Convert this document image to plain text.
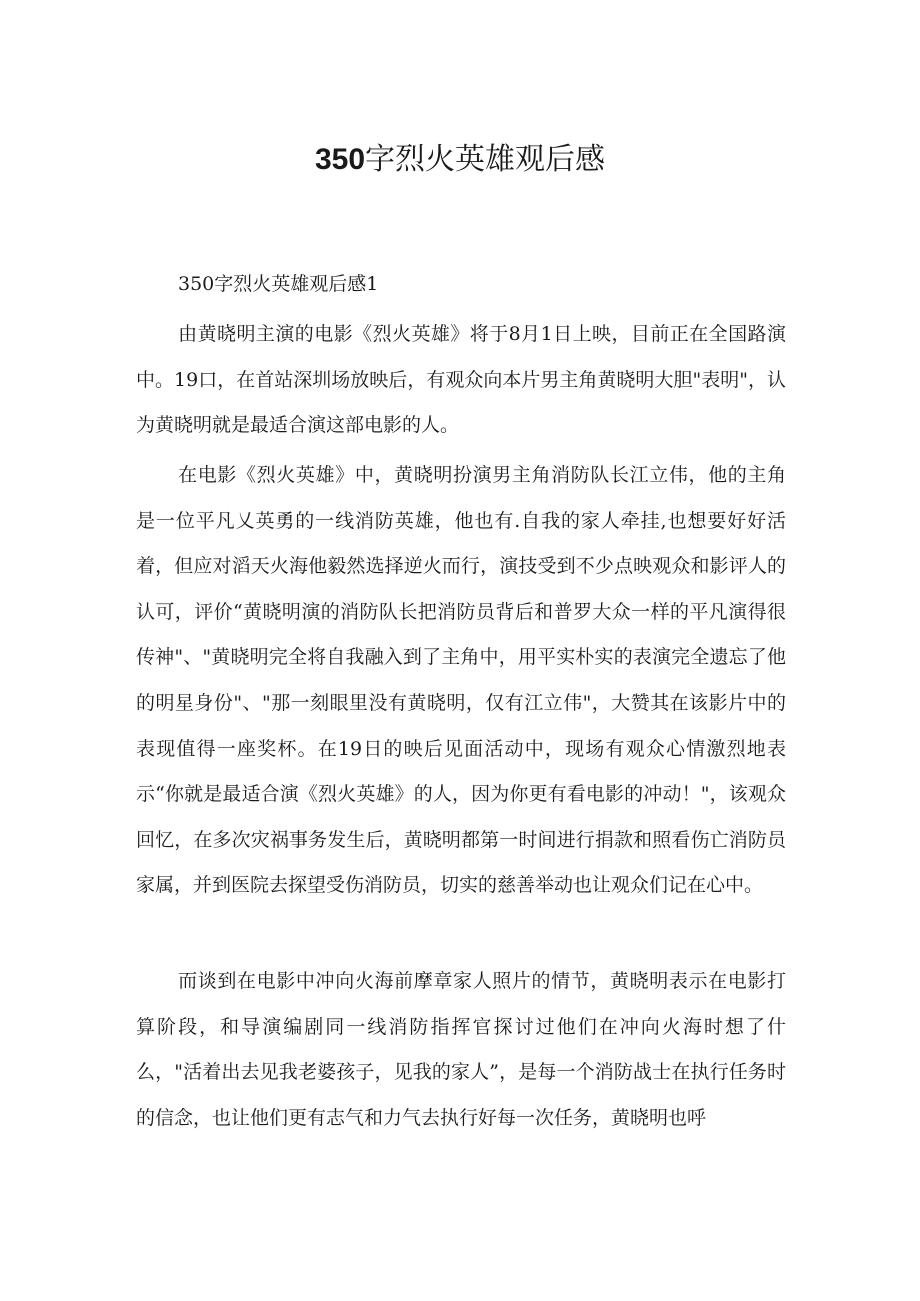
350字烈火英雄观后感
350字烈火英雄观后感1

由黄晓明主演的电影《烈火英雄》将于8月1日上映，目前正在全国路演中。19口，在首站深圳场放映后，有观众向本片男主角黄晓明大胆"表明"，认为黄晓明就是最适合演这部电影的人。

在电影《烈火英雄》中，黄晓明扮演男主角消防队长江立伟，他的主角是一位平凡乂英勇的一线消防英雄，他也有.自我的家人牵挂,也想要好好活着，但应对滔天火海他毅然选择逆火而行，演技受到不少点映观众和影评人的认可，评价“黄晓明演的消防队长把消防员背后和普罗大众一样的平凡演得很传神"、"黄晓明完全将自我融入到了主角中，用平实朴实的表演完全遗忘了他的明星身份"、"那一刻眼里没有黄晓明，仅有江立伟"，大赞其在该影片中的表现值得一座奖杯。在19日的映后见面活动中，现场有观众心情激烈地表示“你就是最适合演《烈火英雄》的人，因为你更有看电影的冲动！"，该观众回忆，在多次灾祸事务发生后，黄晓明都第一时间进行捐款和照看伤亡消防员家属，并到医院去探望受伤消防员，切实的慈善举动也让观众们记在心中。

而谈到在电影中冲向火海前摩章家人照片的情节，黄晓明表示在电影打算阶段，和导演编剧同一线消防指挥官探讨过他们在冲向火海时想了什么，"活着出去见我老婆孩子，见我的家人”，是每一个消防战士在执行任务时的信念，也让他们更有志气和力气去执行好每一次任务，黄晓明也呼
